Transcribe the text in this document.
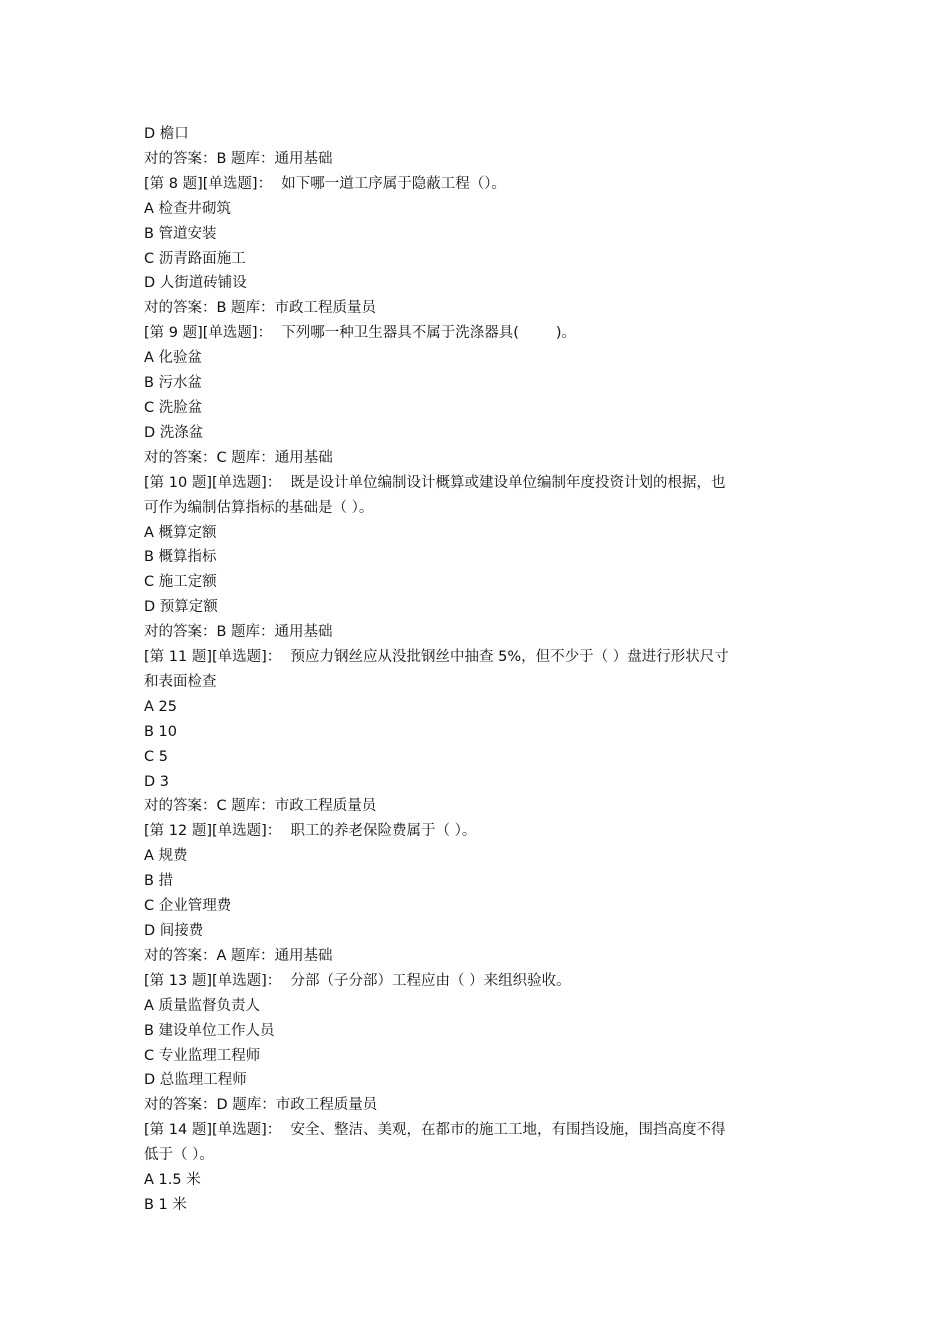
D 檐口

对的答案：B 题库：通用基础

[第 8 题][单选题]：  如下哪一道工序属于隐蔽工程（）。

A 检查井砌筑

B 管道安装

C 沥青路面施工

D 人街道砖铺设

对的答案：B 题库：市政工程质量员

[第 9 题][单选题]：  下列哪一种卫生器具不属于洗涤器具(        )。

A 化验盆

B 污水盆

C 洗脸盆

D 洗涤盆

对的答案：C 题库：通用基础

[第 10 题][单选题]：  既是设计单位编制设计概算或建设单位编制年度投资计划的根据，也

可作为编制估算指标的基础是（ ）。

A 概算定额

B 概算指标

C 施工定额

D 预算定额

对的答案：B 题库：通用基础

[第 11 题][单选题]：  预应力钢丝应从没批钢丝中抽查 5%，但不少于（ ）盘进行形状尺寸

和表面检查

A 25

B 10

C 5

D 3

对的答案：C 题库：市政工程质量员

[第 12 题][单选题]：  职工的养老保险费属于（ ）。

A 规费

B 措

C 企业管理费

D 间接费

对的答案：A 题库：通用基础

[第 13 题][单选题]：  分部（子分部）工程应由（ ）来组织验收。

A 质量监督负责人

B 建设单位工作人员

C 专业监理工程师

D 总监理工程师

对的答案：D 题库：市政工程质量员

[第 14 题][单选题]：  安全、整洁、美观，在都市的施工工地，有围挡设施，围挡高度不得

低于（ ）。

A 1.5 米

B 1 米
